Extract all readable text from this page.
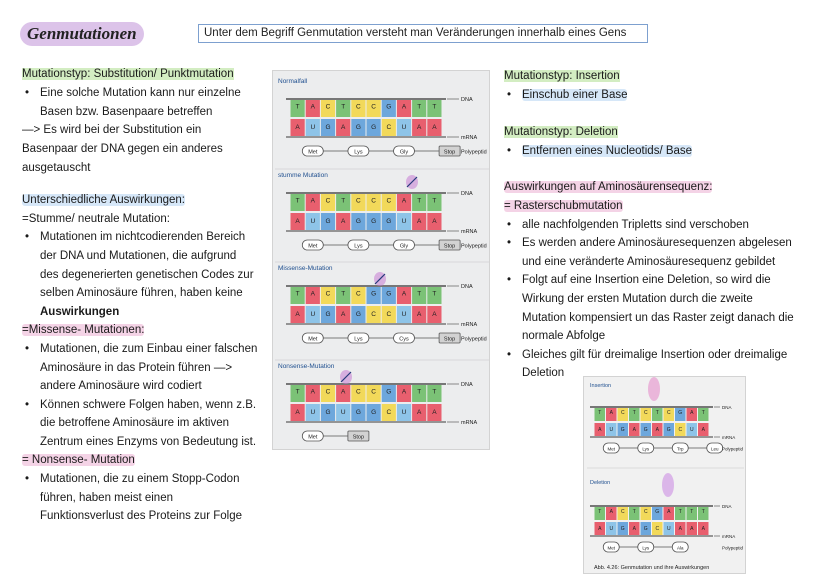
Genmutationen	Unter dem Begriff Genmutation versteht man Veränderungen innerhalb eines Gens

Mutationstyp: Substitution/ Punktmutation

• Eine solche Mutation kann nur einzelne
Basen bzw. Basenpaare betreffen

—> Es wird bei der Substitution ein

Basenpaar der DNA gegen ein anderes

ausgetauscht

Unterschiedliche Auswirkungen:

=Stumme/ neutrale Mutation:

• Mutationen im nichtcodierenden Bereich
der DNA und Mutationen, die aufgrund
des degenerierten genetischen Codes zur
selben Aminosäure führen, haben keine
Auswirkungen

=Missense- Mutationen:

• Mutationen, die zum Einbau einer falschen
Aminosäure in das Protein führen —>
andere Aminosäure wird codiert

• Können schwere Folgen haben, wenn z.B.
die betroffene Aminosäure im aktiven
Zentrum eines Enzyms von Bedeutung ist.

= Nonsense- Mutation

• Mutationen, die zu einem Stopp-Codon
führen, haben meist einen
Funktionsverlust des Proteins zur Folge

Mutationstyp: Insertion

• Einschub einer Base

Mutationstyp: Deletion

• Entfernen eines Nucleotids/ Base

Auswirkungen auf Aminosäurensequenz:

= Rasterschubmutation

• alle nachfolgenden Tripletts sind verschoben

• Es werden andere Aminosäuresequenzen abgelesen
und eine veränderte Aminosäuresequenz gebildet

• Folgt auf eine Insertion eine Deletion, so wird die
Wirkung der ersten Mutation durch die zweite
Mutation kompensiert un das Raster zeigt danach die
normale Abfolge

• Gleiches gilt für dreimalige Insertion oder dreimalige
Deletion

Normalfall
DNA
T A C T C C G A T T
A U G A G G C U A A
mRNA
Met	Lys	Gly	Stop Polypeptid
stumme Mutation
DNA
T A C T C C C A T T
A U G A G G G U A A
mRNA
Met	Lys	Gly	Stop Polypeptid
Missense-Mutation
DNA
T A C T C G G A T T
A U G A G C C U A A
mRNA
Met	Lys	Cys	Stop Polypeptid
Nonsense-Mutation
DNA
T A C A C C G A T T
A U G U G G C U A A
mRNA
Met	Stop
Insertion
DNA
T A C T C T C G A T
A U G A G A G C U A
mRNA
Met	Lys	Trp	Leu Polypeptid
Deletion
DNA
T A C T C G A T T T
A U G A G C U A A A
mRNA
Met	Lys	Ala	Polypeptid
Abb. 4.26: Genmutation und ihre Auswirkungen
